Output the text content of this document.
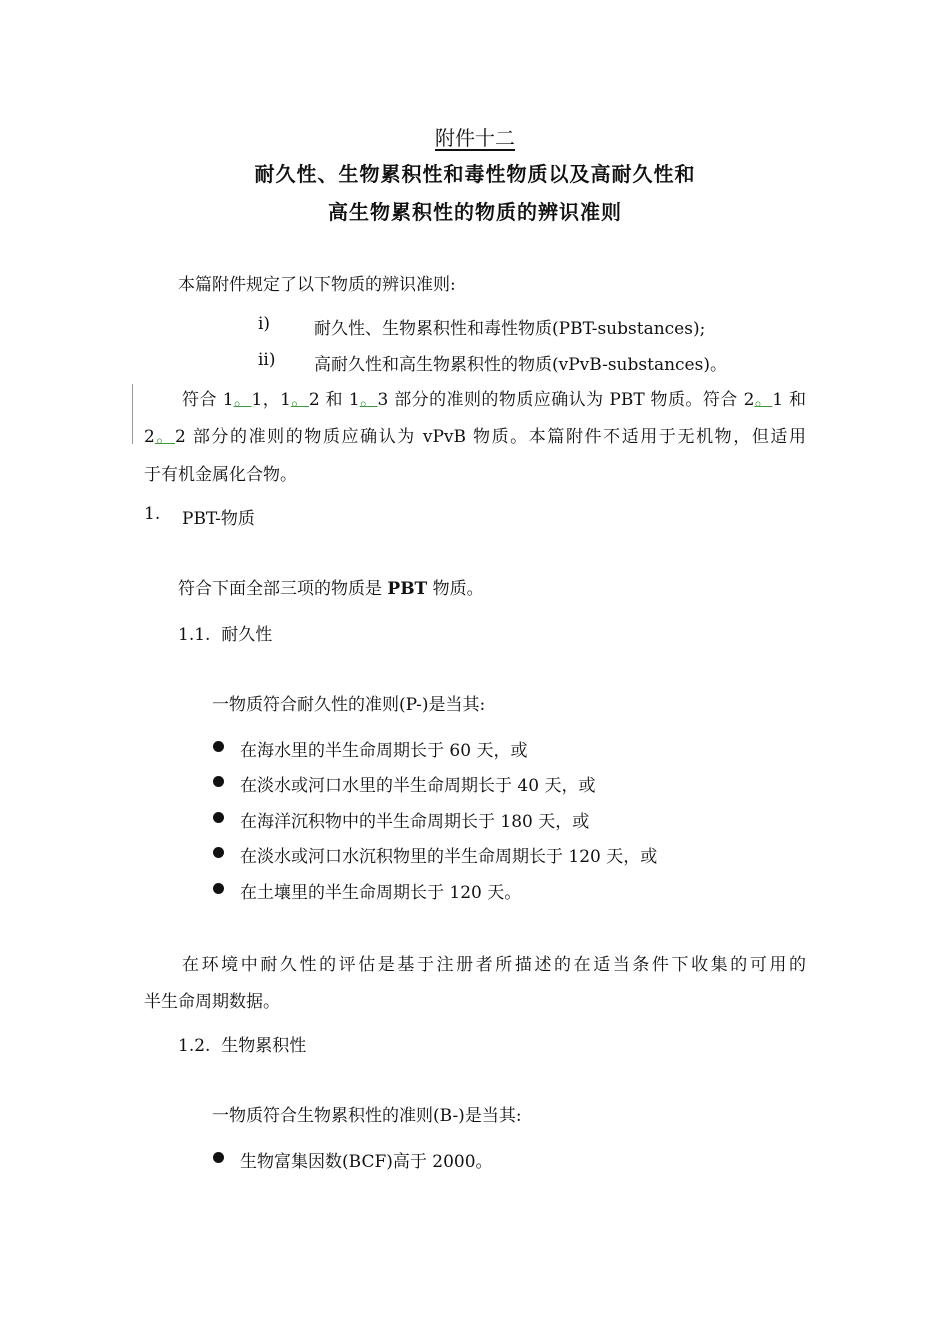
附件十二
耐久性、生物累积性和毒性物质以及高耐久性和
高生物累积性的物质的辨识准则
本篇附件规定了以下物质的辨识准则:
i)	耐久性、生物累积性和毒性物质(PBT-substances);
ii) 高耐久性和高生物累积性的物质(vPvB-substances)。
符合 1。1，1。2 和 1。3 部分的准则的物质应确认为 PBT 物质。符合 2。1 和
2。2 部分的准则的物质应确认为 vPvB 物质。本篇附件不适用于无机物，但适用
于有机金属化合物。
1. PBT-物质
符合下面全部三项的物质是 PBT 物质。
1.1.  耐久性
一物质符合耐久性的准则(P-)是当其:
在海水里的半生命周期长于 60 天，或
在淡水或河口水里的半生命周期长于 40 天，或
在海洋沉积物中的半生命周期长于 180 天，或
在淡水或河口水沉积物里的半生命周期长于 120 天，或
在土壤里的半生命周期长于 120 天。
在环境中耐久性的评估是基于注册者所描述的在适当条件下收集的可用的
半生命周期数据。
1.2.  生物累积性
一物质符合生物累积性的准则(B-)是当其:
生物富集因数(BCF)高于 2000。
